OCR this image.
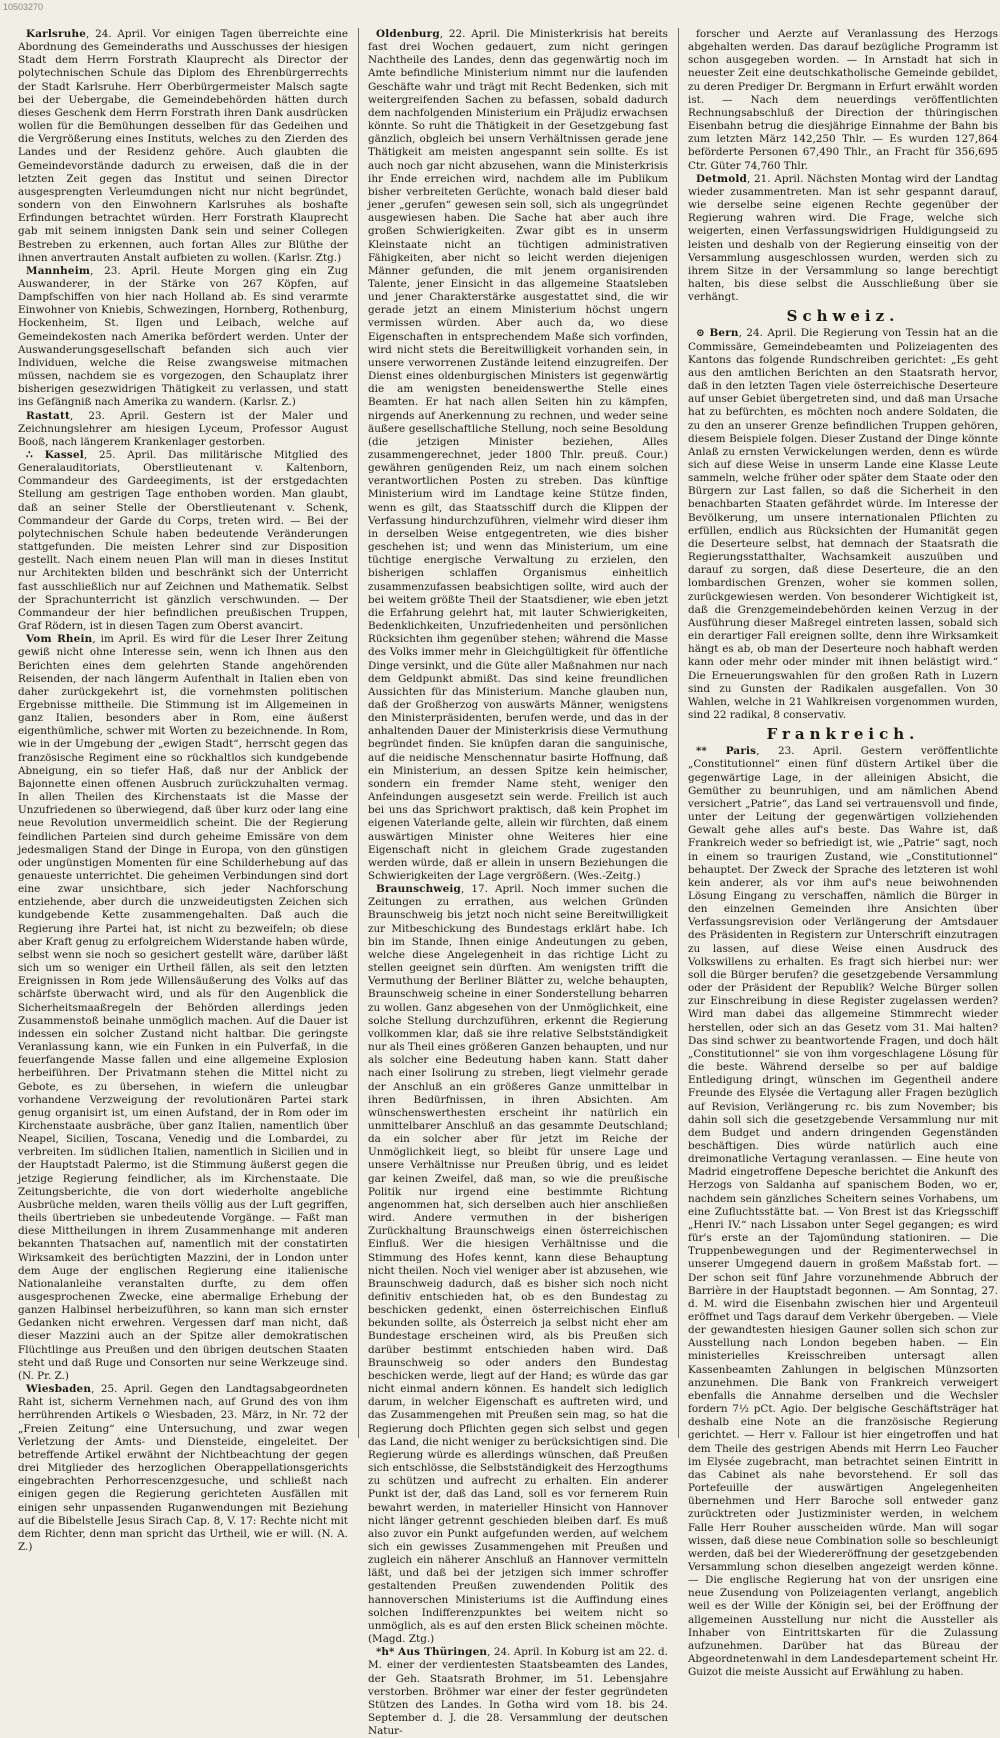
10503270

Karlsruhe, 24. April. Vor einigen Tagen überreichte eine Abordnung des Gemeinderaths und Ausschusses der hiesigen Stadt dem Herrn Forstrath Klauprecht als Director der polytechnischen Schule das Diplom des Ehrenbürgerrechts der Stadt Karlsruhe. Herr Oberbürgermeister Malsch sagte bei der Uebergabe, die Gemeindebehörden hätten durch dieses Geschenk dem Herrn Forstrath ihren Dank ausdrücken wollen für die Bemühungen desselben für das Gedeihen und die Vergrößerung eines Instituts, welches zu den Zierden des Landes und der Residenz gehöre. Auch glaubten die Gemeindevorstände dadurch zu erweisen, daß die in der letzten Zeit gegen das Institut und seinen Director ausgesprengten Verleumdungen nicht nur nicht begründet, sondern von den Einwohnern Karlsruhes als boshafte Erfindungen betrachtet würden. Herr Forstrath Klauprecht gab mit seinem innigsten Dank sein und seiner Collegen Bestreben zu erkennen, auch fortan Alles zur Blüthe der ihnen anvertrauten Anstalt aufbieten zu wollen. (Karlsr. Ztg.)

Mannheim, 23. April. Heute Morgen ging ein Zug Auswanderer, in der Stärke von 267 Köpfen, auf Dampfschiffen von hier nach Holland ab. Es sind verarmte Einwohner von Kniebis, Schwezingen, Hornberg, Rothenburg, Hockenheim, St. Ilgen und Leibach, welche auf Gemeindekosten nach Amerika befördert werden. Unter der Auswanderungsgesellschaft befanden sich auch vier Individuen, welche die Reise zwangsweise mitmachen müssen, nachdem sie es vorgezogen, den Schauplatz ihrer bisherigen gesezwidrigen Thätigkeit zu verlassen, und statt ins Gefängniß nach Amerika zu wandern. (Karlsr. Z.)

Rastatt, 23. April. Gestern ist der Maler und Zeichnungslehrer am hiesigen Lyceum, Professor August Booß, nach längerem Krankenlager gestorben.

∴ Kassel, 25. April. Das militärische Mitglied des Generalauditoriats, Oberstlieutenant v. Kaltenborn, Commandeur des Gardeegiments, ist der erstgedachten Stellung am gestrigen Tage enthoben worden. Man glaubt, daß an seiner Stelle der Oberstlieutenant v. Schenk, Commandeur der Garde du Corps, treten wird. — Bei der polytechnischen Schule haben bedeutende Veränderungen stattgefunden. Die meisten Lehrer sind zur Disposition gestellt. Nach einem neuen Plan will man in dieses Institut nur Architekten bilden und beschränkt sich der Unterricht fast ausschließlich nur auf Zeichnen und Mathematik. Selbst der Sprachunterricht ist gänzlich verschwunden. — Der Commandeur der hier befindlichen preußischen Truppen, Graf Rödern, ist in diesen Tagen zum Oberst avancirt.

Vom Rhein, im April. Es wird für die Leser Ihrer Zeitung gewiß nicht ohne Interesse sein, wenn ich Ihnen aus den Berichten eines dem gelehrten Stande angehörenden Reisenden, der nach längerm Aufenthalt in Italien eben von daher zurückgekehrt ist, die vornehmsten politischen Ergebnisse mittheile. Die Stimmung ist im Allgemeinen in ganz Italien, besonders aber in Rom, eine äußerst eigenthümliche, schwer mit Worten zu bezeichnende. In Rom, wie in der Umgebung der „ewigen Stadt“, herrscht gegen das französische Regiment eine so rückhaltlos sich kundgebende Abneigung, ein so tiefer Haß, daß nur der Anblick der Bajonnette einen offenen Ausbruch zurückzuhalten vermag. In allen Theilen des Kirchenstaats ist die Masse der Unzufriedenen so überwiegend, daß über kurz oder lang eine neue Revolution unvermeidlich scheint. Die der Regierung feindlichen Parteien sind durch geheime Emissäre von dem jedesmaligen Stand der Dinge in Europa, von den günstigen oder ungünstigen Momenten für eine Schilderhebung auf das genaueste unterrichtet. Die geheimen Verbindungen sind dort eine zwar unsichtbare, sich jeder Nachforschung entziehende, aber durch die unzweideutigsten Zeichen sich kundgebende Kette zusammengehalten. Daß auch die Regierung ihre Partei hat, ist nicht zu bezweifeln; ob diese aber Kraft genug zu erfolgreichem Widerstande haben würde, selbst wenn sie noch so gesichert gestellt wäre, darüber läßt sich um so weniger ein Urtheil fällen, als seit den letzten Ereignissen in Rom jede Willensäußerung des Volks auf das schärfste überwacht wird, und als für den Augenblick die Sicherheitsmaaßregeln der Behörden allerdings jeden Zusammenstoß beinahe unmöglich machen. Auf die Dauer ist indessen ein solcher Zustand nicht haltbar. Die geringste Veranlassung kann, wie ein Funken in ein Pulverfaß, in die feuerfangende Masse fallen und eine allgemeine Explosion herbeiführen. Der Privatmann stehen die Mittel nicht zu Gebote, es zu übersehen, in wiefern die unleugbar vorhandene Verzweigung der revolutionären Partei stark genug organisirt ist, um einen Aufstand, der in Rom oder im Kirchenstaate ausbräche, über ganz Italien, namentlich über Neapel, Sicilien, Toscana, Venedig und die Lombardei, zu verbreiten. Im südlichen Italien, namentlich in Sicilien und in der Hauptstadt Palermo, ist die Stimmung äußerst gegen die jetzige Regierung feindlicher, als im Kirchenstaate. Die Zeitungsberichte, die von dort wiederholte angebliche Ausbrüche melden, waren theils völlig aus der Luft gegriffen, theils übertrieben sie unbedeutende Vorgänge. — Faßt man diese Mittheilungen in ihrem Zusammenhange mit anderen bekannten Thatsachen auf, namentlich mit der constatirten Wirksamkeit des berüchtigten Mazzini, der in London unter dem Auge der englischen Regierung eine italienische Nationalanleihe veranstalten durfte, zu dem offen ausgesprochenen Zwecke, eine abermalige Erhebung der ganzen Halbinsel herbeizuführen, so kann man sich ernster Gedanken nicht erwehren. Vergessen darf man nicht, daß dieser Mazzini auch an der Spitze aller demokratischen Flüchtlinge aus Preußen und den übrigen deutschen Staaten steht und daß Ruge und Consorten nur seine Werkzeuge sind. (N. Pr. Z.)

Wiesbaden, 25. April. Gegen den Landtagsabgeordneten Raht ist, sicherm Vernehmen nach, auf Grund des von ihm herrührenden Artikels ⊙ Wiesbaden, 23. März, in Nr. 72 der „Freien Zeitung“ eine Untersuchung, und zwar wegen Verletzung der Amts- und Diensteide, eingeleitet. Der betreffende Artikel erwähnt der Nichtbeachtung der gegen drei Mitglieder des herzoglichen Oberappellationsgerichts eingebrachten Perhorrescenzgesuche, und schließt nach einigen gegen die Regierung gerichteten Ausfällen mit einigen sehr unpassenden Ruganwendungen mit Beziehung auf die Bibelstelle Jesus Sirach Cap. 8, V. 17: Rechte nicht mit dem Richter, denn man spricht das Urtheil, wie er will. (N. A. Z.)

Oldenburg, 22. April. Die Ministerkrisis hat bereits fast drei Wochen gedauert, zum nicht geringen Nachtheile des Landes, denn das gegenwärtig noch im Amte befindliche Ministerium nimmt nur die laufenden Geschäfte wahr und trägt mit Recht Bedenken, sich mit weitergreifenden Sachen zu befassen, sobald dadurch dem nachfolgenden Ministerium ein Präjudiz erwachsen könnte. So ruht die Thätigkeit in der Gesetzgebung fast gänzlich, obgleich bei unsern Verhältnissen gerade jene Thätigkeit am meisten angespannt sein sollte. Es ist auch noch gar nicht abzusehen, wann die Ministerkrisis ihr Ende erreichen wird, nachdem alle im Publikum bisher verbreiteten Gerüchte, wonach bald dieser bald jener „gerufen“ gewesen sein soll, sich als ungegründet ausgewiesen haben. Die Sache hat aber auch ihre großen Schwierigkeiten. Zwar gibt es in unserm Kleinstaate nicht an tüchtigen administrativen Fähigkeiten, aber nicht so leicht werden diejenigen Männer gefunden, die mit jenem organisirenden Talente, jener Einsicht in das allgemeine Staatsleben und jener Charakterstärke ausgestattet sind, die wir gerade jetzt an einem Ministerium höchst ungern vermissen würden. Aber auch da, wo diese Eigenschaften in entsprechendem Maße sich vorfinden, wird nicht stets die Bereitwilligkeit vorhanden sein, in unsere verworrenen Zustände leitend einzugreifen. Der Dienst eines oldenburgischen Ministers ist gegenwärtig die am wenigsten beneidenswerthe Stelle eines Beamten. Er hat nach allen Seiten hin zu kämpfen, nirgends auf Anerkennung zu rechnen, und weder seine äußere gesellschaftliche Stellung, noch seine Besoldung (die jetzigen Minister beziehen, Alles zusammengerechnet, jeder 1800 Thlr. preuß. Cour.) gewähren genügenden Reiz, um nach einem solchen verantwortlichen Posten zu streben. Das künftige Ministerium wird im Landtage keine Stütze finden, wenn es gilt, das Staatsschiff durch die Klippen der Verfassung hindurchzuführen, vielmehr wird dieser ihm in derselben Weise entgegentreten, wie dies bisher geschehen ist; und wenn das Ministerium, um eine tüchtige energische Verwaltung zu erzielen, den bisherigen schlaffen Organismus einheitlich zusammenzufassen beabsichtigen sollte, wird auch der bei weitem größte Theil der Staatsdiener, wie eben jetzt die Erfahrung gelehrt hat, mit lauter Schwierigkeiten, Bedenklichkeiten, Unzufriedenheiten und persönlichen Rücksichten ihm gegenüber stehen; während die Masse des Volks immer mehr in Gleichgültigkeit für öffentliche Dinge versinkt, und die Güte aller Maßnahmen nur nach dem Geldpunkt abmißt. Das sind keine freundlichen Aussichten für das Ministerium. Manche glauben nun, daß der Großherzog von auswärts Männer, wenigstens den Ministerpräsidenten, berufen werde, und das in der anhaltenden Dauer der Ministerkrisis diese Vermuthung begründet finden. Sie knüpfen daran die sanguinische, auf die neidische Menschennatur basirte Hoffnung, daß ein Ministerium, an dessen Spitze kein heimischer, sondern ein fremder Name steht, weniger den Anfeindungen ausgesetzt sein werde. Freilich ist auch bei uns das Sprichwort praktisch, daß kein Prophet im eigenen Vaterlande gelte, allein wir fürchten, daß einem auswärtigen Minister ohne Weiteres hier eine Eigenschaft nicht in gleichem Grade zugestanden werden würde, daß er allein in unsern Beziehungen die Schwierigkeiten der Lage vergrößern. (Wes.-Zeitg.)

Braunschweig, 17. April. Noch immer suchen die Zeitungen zu errathen, aus welchen Gründen Braunschweig bis jetzt noch nicht seine Bereitwilligkeit zur Mitbeschickung des Bundestags erklärt habe. Ich bin im Stande, Ihnen einige Andeutungen zu geben, welche diese Angelegenheit in das richtige Licht zu stellen geeignet sein dürften. Am wenigsten trifft die Vermuthung der Berliner Blätter zu, welche behaupten, Braunschweig scheine in einer Sonderstellung beharren zu wollen. Ganz abgesehen von der Unmöglichkeit, eine solche Stellung durchzuführen, erkennt die Regierung vollkommen klar, daß sie ihre relative Selbstständigkeit nur als Theil eines größeren Ganzen behaupten, und nur als solcher eine Bedeutung haben kann. Statt daher nach einer Isolirung zu streben, liegt vielmehr gerade der Anschluß an ein größeres Ganze unmittelbar in ihren Bedürfnissen, in ihren Absichten. Am wünschenswerthesten erscheint ihr natürlich ein unmittelbarer Anschluß an das gesammte Deutschland; da ein solcher aber für jetzt im Reiche der Unmöglichkeit liegt, so bleibt für unsere Lage und unsere Verhältnisse nur Preußen übrig, und es leidet gar keinen Zweifel, daß man, so wie die preußische Politik nur irgend eine bestimmte Richtung angenommen hat, sich derselben auch hier anschließen wird. Andere vermuthen in der bisherigen Zurückhaltung Braunschweigs einen österreichischen Einfluß. Wer die hiesigen Verhältnisse und die Stimmung des Hofes kennt, kann diese Behauptung nicht theilen. Noch viel weniger aber ist abzusehen, wie Braunschweig dadurch, daß es bisher sich noch nicht definitiv entschieden hat, ob es den Bundestag zu beschicken gedenkt, einen österreichischen Einfluß bekunden sollte, als Österreich ja selbst nicht eher am Bundestage erscheinen wird, als bis Preußen sich darüber bestimmt entschieden haben wird. Daß Braunschweig so oder anders den Bundestag beschicken werde, liegt auf der Hand; es würde das gar nicht einmal andern können. Es handelt sich lediglich darum, in welcher Eigenschaft es auftreten wird, und das Zusammengehen mit Preußen sein mag, so hat die Regierung doch Pflichten gegen sich selbst und gegen das Land, die nicht weniger zu berücksichtigen sind. Die Regierung würde es allerdings wünschen, daß Preußen sich entschlösse, die Selbstständigkeit des Herzogthums zu schützen und aufrecht zu erhalten. Ein anderer Punkt ist der, daß das Land, soll es vor fernerem Ruin bewahrt werden, in materieller Hinsicht von Hannover nicht länger getrennt geschieden bleiben darf. Es muß also zuvor ein Punkt aufgefunden werden, auf welchem sich ein gewisses Zusammengehen mit Preußen und zugleich ein näherer Anschluß an Hannover vermitteln läßt, und daß bei der jetzigen sich immer schroffer gestaltenden Preußen zuwendenden Politik des hannoverschen Ministeriums ist die Auffindung eines solchen Indifferenzpunktes bei weitem nicht so unmöglich, als es auf den ersten Blick scheinen möchte. (Magd. Ztg.)

*h* Aus Thüringen, 24. April. In Koburg ist am 22. d. M. einer der verdientesten Staatsbeamten des Landes, der Geh. Staatsrath Brohmer, im 51. Lebensjahre verstorben. Bröhmer war einer der fester gegründeten Stützen des Landes. In Gotha wird vom 18. bis 24. September d. J. die 28. Versammlung der deutschen Natur-

forscher und Aerzte auf Veranlassung des Herzogs abgehalten werden. Das darauf bezügliche Programm ist schon ausgegeben worden. — In Arnstadt hat sich in neuester Zeit eine deutschkatholische Gemeinde gebildet, zu deren Prediger Dr. Bergmann in Erfurt erwählt worden ist. — Nach dem neuerdings veröffentlichten Rechnungsabschluß der Direction der thüringischen Eisenbahn betrug die diesjährige Einnahme der Bahn bis zum letzten März 142,250 Thlr. — Es wurden 127,864 beförderte Personen 67,490 Thlr., an Fracht für 356,695 Ctr. Güter 74,760 Thlr.

Detmold, 21. April. Nächsten Montag wird der Landtag wieder zusammentreten. Man ist sehr gespannt darauf, wie derselbe seine eigenen Rechte gegenüber der Regierung wahren wird. Die Frage, welche sich weigerten, einen Verfassungswidrigen Huldigungseid zu leisten und deshalb von der Regierung einseitig von der Versammlung ausgeschlossen wurden, werden sich zu ihrem Sitze in der Versammlung so lange berechtigt halten, bis diese selbst die Ausschließung über sie verhängt.

Schweiz.

⊙ Bern, 24. April. Die Regierung von Tessin hat an die Commissäre, Gemeindebeamten und Polizeiagenten des Kantons das folgende Rundschreiben gerichtet: „Es geht aus den amtlichen Berichten an den Staatsrath hervor, daß in den letzten Tagen viele österreichische Deserteure auf unser Gebiet übergetreten sind, und daß man Ursache hat zu befürchten, es möchten noch andere Soldaten, die zu den an unserer Grenze befindlichen Truppen gehören, diesem Beispiele folgen. Dieser Zustand der Dinge könnte Anlaß zu ernsten Verwickelungen werden, denn es würde sich auf diese Weise in unserm Lande eine Klasse Leute sammeln, welche früher oder später dem Staate oder den Bürgern zur Last fallen, so daß die Sicherheit in den benachbarten Staaten gefährdet würde. Im Interesse der Bevölkerung, um unsere internationalen Pflichten zu erfüllen, endlich aus Rücksichten der Humanität gegen die Deserteure selbst, hat demnach der Staatsrath die Regierungsstatthalter, Wachsamkeit auszuüben und darauf zu sorgen, daß diese Deserteure, die an den lombardischen Grenzen, woher sie kommen sollen, zurückgewiesen werden. Von besonderer Wichtigkeit ist, daß die Grenzgemeindebehörden keinen Verzug in der Ausführung dieser Maßregel eintreten lassen, sobald sich ein derartiger Fall ereignen sollte, denn ihre Wirksamkeit hängt es ab, ob man der Deserteure noch habhaft werden kann oder mehr oder minder mit ihnen belästigt wird.“ Die Erneuerungswahlen für den großen Rath in Luzern sind zu Gunsten der Radikalen ausgefallen. Von 30 Wahlen, welche in 21 Wahlkreisen vorgenommen wurden, sind 22 radikal, 8 conservativ.

Frankreich.

** Paris, 23. April. Gestern veröffentlichte „Constitutionnel“ einen fünf düstern Artikel über die gegenwärtige Lage, in der alleinigen Absicht, die Gemüther zu beunruhigen, und am nämlichen Abend versichert „Patrie“, das Land sei vertrauensvoll und finde, unter der Leitung der gegenwärtigen vollziehenden Gewalt gehe alles auf's beste. Das Wahre ist, daß Frankreich weder so befriedigt ist, wie „Patrie“ sagt, noch in einem so traurigen Zustand, wie „Constitutionnel“ behauptet. Der Zweck der Sprache des letzteren ist wohl kein anderer, als vor ihm auf's neue beiwohnenden Lösung Eingang zu verschaffen, nämlich die Bürger in den einzelnen Gemeinden ihre Ansichten über Verfassungsrevision oder Verlängerung der Amtsdauer des Präsidenten in Registern zur Unterschrift einzutragen zu lassen, auf diese Weise einen Ausdruck des Volkswillens zu erhalten. Es fragt sich hierbei nur: wer soll die Bürger berufen? die gesetzgebende Versammlung oder der Präsident der Republik? Welche Bürger sollen zur Einschreibung in diese Register zugelassen werden? Wird man dabei das allgemeine Stimmrecht wieder herstellen, oder sich an das Gesetz vom 31. Mai halten? Das sind schwer zu beantwortende Fragen, und doch hält „Constitutionnel“ sie von ihm vorgeschlagene Lösung für die beste. Während derselbe so per auf baldige Entledigung dringt, wünschen im Gegentheil andere Freunde des Elysée die Vertagung aller Fragen bezüglich auf Revision, Verlängerung rc. bis zum November; bis dahin soll sich die gesetzgebende Versammlung nur mit dem Budget und andern dringenden Gegenständen beschäftigen. Dies würde natürlich auch eine dreimonatliche Vertagung veranlassen. — Eine heute von Madrid eingetroffene Depesche berichtet die Ankunft des Herzogs von Saldanha auf spanischem Boden, wo er, nachdem sein gänzliches Scheitern seines Vorhabens, um eine Zufluchtsstätte bat. — Von Brest ist das Kriegsschiff „Henri IV.“ nach Lissabon unter Segel gegangen; es wird für's erste an der Tajomündung stationiren. — Die Truppenbewegungen und der Regimenterwechsel in unserer Umgegend dauern in großem Maßstab fort. — Der schon seit fünf Jahre vorzunehmende Abbruch der Barrière in der Hauptstadt begonnen. — Am Sonntag, 27. d. M. wird die Eisenbahn zwischen hier und Argenteuil eröffnet und Tags darauf dem Verkehr übergeben. — Viele der gewandtesten hiesigen Gauner sollen sich schon zur Ausstellung nach London begeben haben. — Ein ministerielles Kreisschreiben untersagt allen Kassenbeamten Zahlungen in belgischen Münzsorten anzunehmen. Die Bank von Frankreich verweigert ebenfalls die Annahme derselben und die Wechsler fordern 7½ pCt. Agio. Der belgische Geschäftsträger hat deshalb eine Note an die französische Regierung gerichtet. — Herr v. Fallour ist hier eingetroffen und hat dem Theile des gestrigen Abends mit Herrn Leo Faucher im Elysée zugebracht, man betrachtet seinen Eintritt in das Cabinet als nahe bevorstehend. Er soll das Portefeuille der auswärtigen Angelegenheiten übernehmen und Herr Baroche soll entweder ganz zurücktreten oder Justizminister werden, in welchem Falle Herr Rouher ausscheiden würde. Man will sogar wissen, daß diese neue Combination solle so beschleunigt werden, daß bei der Wiedereröffnung der gesetzgebenden Versammlung schon dieselben angezeigt werden könne. — Die englische Regierung hat von der unsrigen eine neue Zusendung von Polizeiagenten verlangt, angeblich weil es der Wille der Königin sei, bei der Eröffnung der allgemeinen Ausstellung nur nicht die Aussteller als Inhaber von Eintrittskarten für die Zulassung aufzunehmen. Darüber hat das Büreau der Abgeordnetenwahl in dem Landesdepartement scheint Hr. Guizot die meiste Aussicht auf Erwählung zu haben.
